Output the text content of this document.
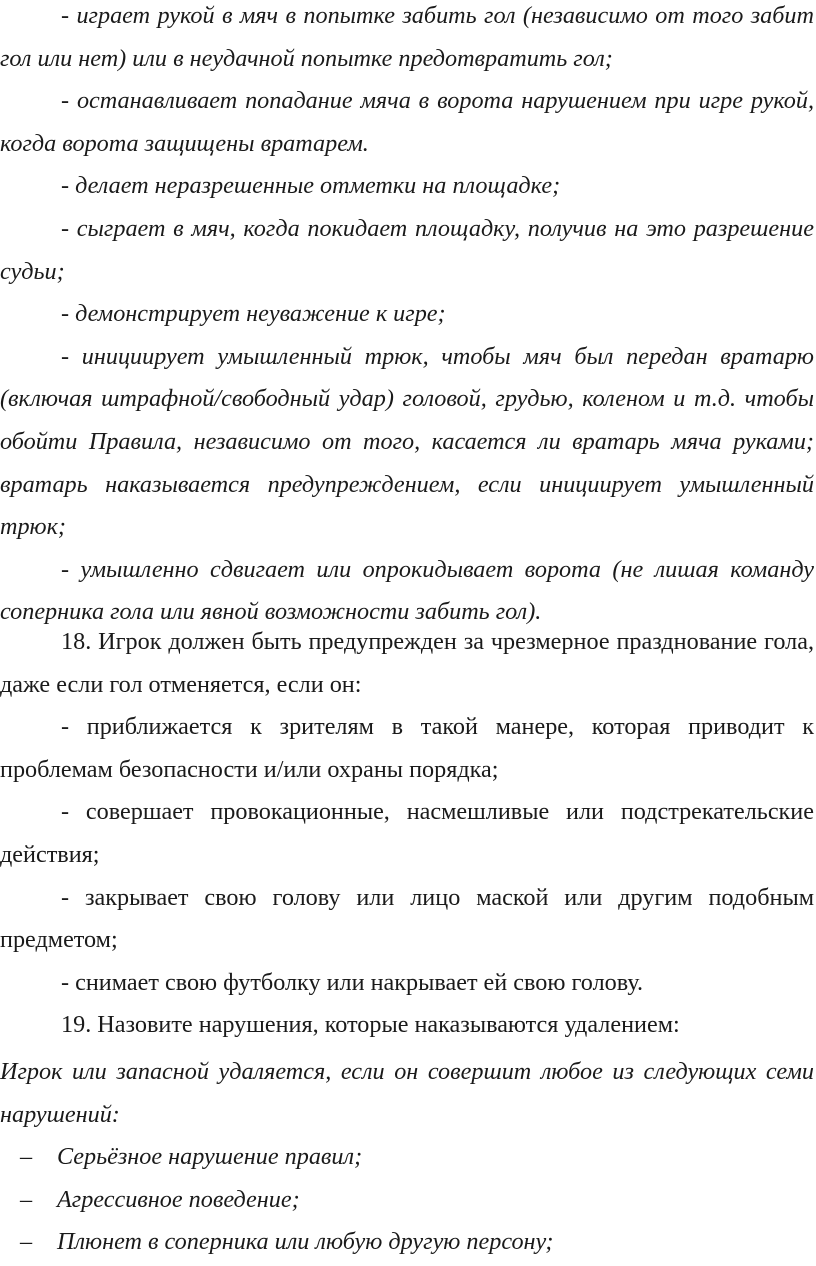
- играет рукой в мяч в попытке забить гол (независимо от того забит гол или нет) или в неудачной попытке предотвратить гол;

- останавливает попадание мяча в ворота нарушением при игре рукой, когда ворота защищены вратарем.

- делает неразрешенные отметки на площадке;

- сыграет в мяч, когда покидает площадку, получив на это разрешение судьи;

- демонстрирует неуважение к игре;

- инициирует умышленный трюк, чтобы мяч был передан вратарю (включая штрафной/свободный удар) головой, грудью, коленом и т.д. чтобы обойти Правила, независимо от того, касается ли вратарь мяча руками; вратарь наказывается предупреждением, если инициирует умышленный трюк;

- умышленно сдвигает или опрокидывает ворота (не лишая команду соперника гола или явной возможности забить гол).

18. Игрок должен быть предупрежден за чрезмерное празднование гола, даже если гол отменяется, если он:

- приближается к зрителям в такой манере, которая приводит к проблемам безопасности и/или охраны порядка;

- совершает провокационные, насмешливые или подстрекательские действия;

- закрывает свою голову или лицо маской или другим подобным предметом;

- снимает свою футболку или накрывает ей свою голову.

19. Назовите нарушения, которые наказываются удалением:

Игрок или запасной удаляется, если он совершит любое из следующих семи нарушений:

– Серьёзное нарушение правил;

– Агрессивное поведение;

– Плюнет в соперника или любую другую персону;
